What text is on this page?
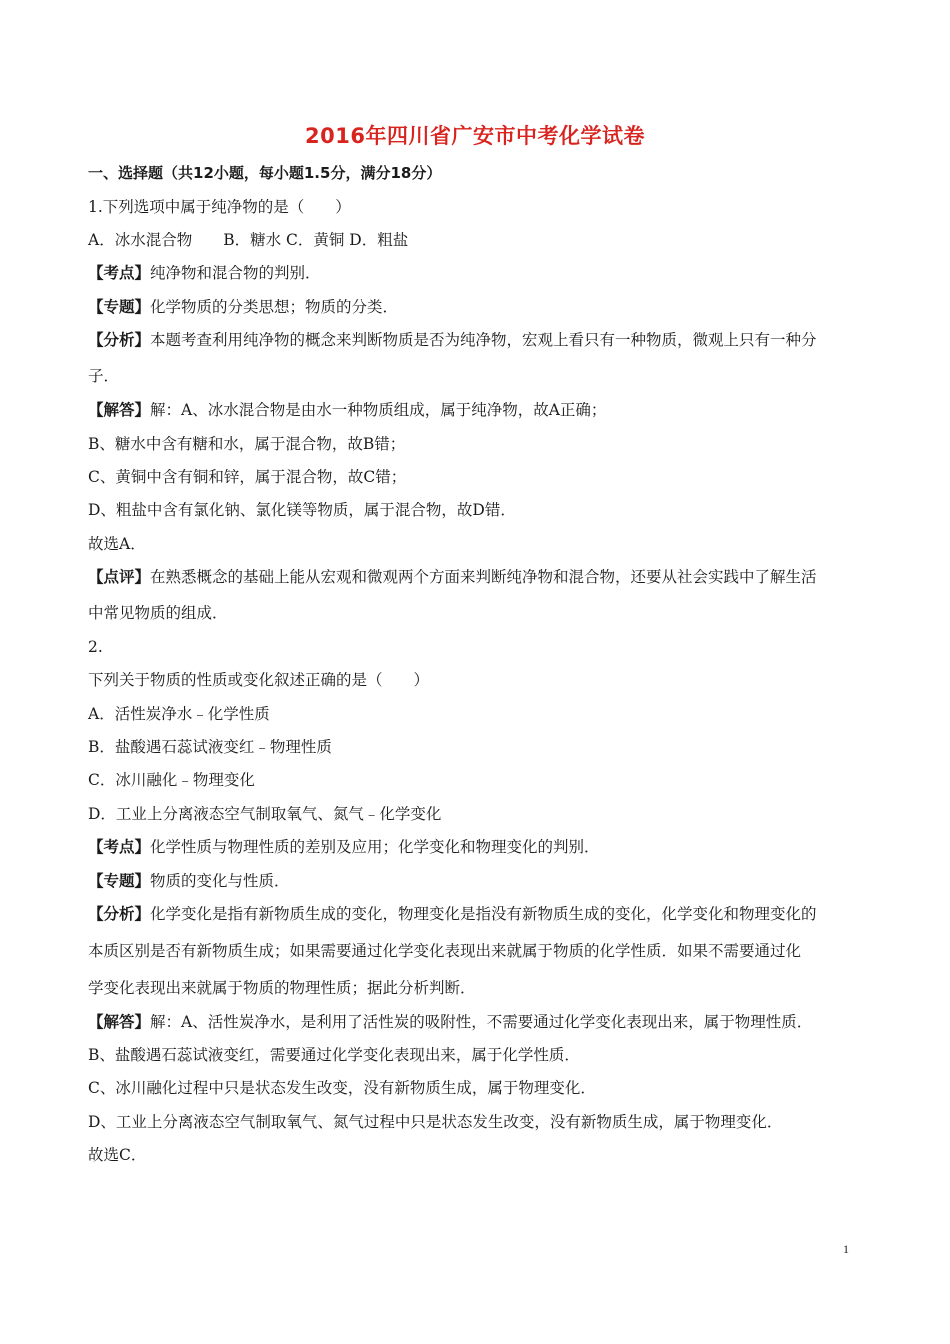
2016年四川省广安市中考化学试卷
一、选择题（共12小题，每小题1.5分，满分18分）
1.下列选项中属于纯净物的是（　　）
A．冰水混合物　　B．糖水 C．黄铜 D．粗盐
【考点】纯净物和混合物的判别．
【专题】化学物质的分类思想；物质的分类．
【分析】本题考查利用纯净物的概念来判断物质是否为纯净物，宏观上看只有一种物质，微观上只有一种分
子．
【解答】解：A、冰水混合物是由水一种物质组成，属于纯净物，故A正确；
B、糖水中含有糖和水，属于混合物，故B错；
C、黄铜中含有铜和锌，属于混合物，故C错；
D、粗盐中含有氯化钠、氯化镁等物质，属于混合物，故D错．
故选A．
【点评】在熟悉概念的基础上能从宏观和微观两个方面来判断纯净物和混合物，还要从社会实践中了解生活
中常见物质的组成．
2.
下列关于物质的性质或变化叙述正确的是（　　）
A．活性炭净水﹣化学性质
B．盐酸遇石蕊试液变红﹣物理性质
C．冰川融化﹣物理变化
D．工业上分离液态空气制取氧气、氮气﹣化学变化
【考点】化学性质与物理性质的差别及应用；化学变化和物理变化的判别．
【专题】物质的变化与性质．
【分析】化学变化是指有新物质生成的变化，物理变化是指没有新物质生成的变化，化学变化和物理变化的
本质区别是否有新物质生成；如果需要通过化学变化表现出来就属于物质的化学性质．如果不需要通过化
学变化表现出来就属于物质的物理性质；据此分析判断．
【解答】解：A、活性炭净水，是利用了活性炭的吸附性，不需要通过化学变化表现出来，属于物理性质．
B、盐酸遇石蕊试液变红，需要通过化学变化表现出来，属于化学性质．
C、冰川融化过程中只是状态发生改变，没有新物质生成，属于物理变化．
D、工业上分离液态空气制取氧气、氮气过程中只是状态发生改变，没有新物质生成，属于物理变化．
故选C．
1
